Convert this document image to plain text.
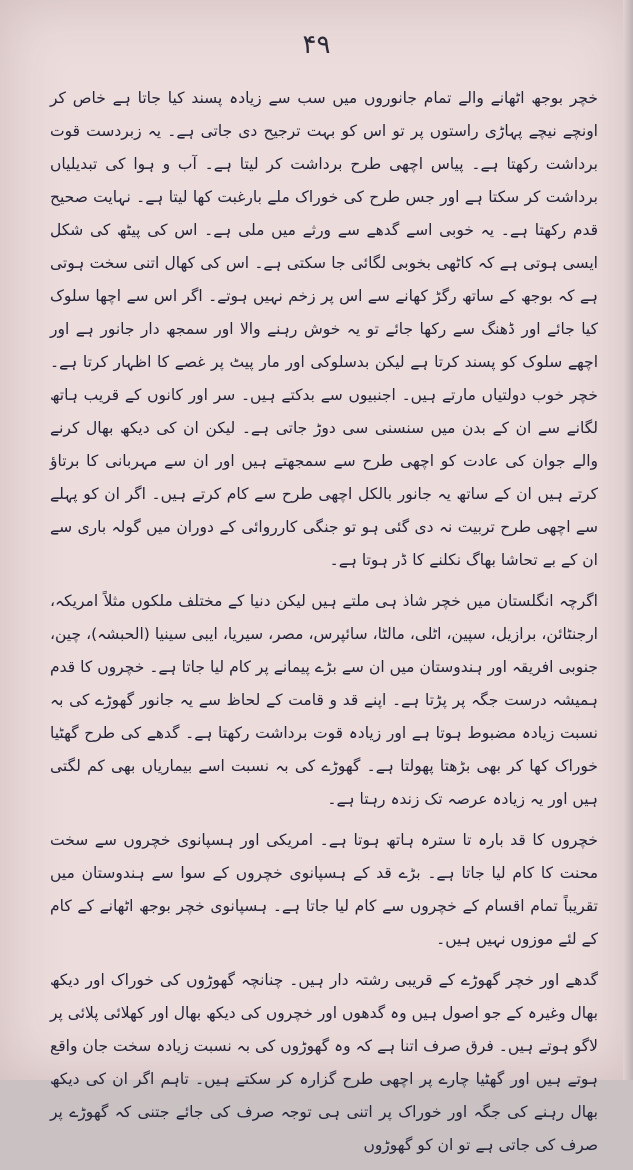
۴۹

خچر بوجھ اٹھانے والے تمام جانوروں میں سب سے زیادہ پسند کیا جاتا ہے خاص کر اونچے نیچے پہاڑی راستوں پر تو اس کو بہت ترجیح دی جاتی ہے۔ یہ زبردست قوت برداشت رکھتا ہے۔ پیاس اچھی طرح برداشت کر لیتا ہے۔ آب و ہوا کی تبدیلیاں برداشت کر سکتا ہے اور جس طرح کی خوراک ملے بارغبت کھا لیتا ہے۔ نہایت صحیح قدم رکھتا ہے۔ یہ خوبی اسے گدھے سے ورثے میں ملی ہے۔ اس کی پیٹھ کی شکل ایسی ہوتی ہے کہ کاٹھی بخوبی لگائی جا سکتی ہے۔ اس کی کھال اتنی سخت ہوتی ہے کہ بوجھ کے ساتھ رگڑ کھانے سے اس پر زخم نہیں ہوتے۔ اگر اس سے اچھا سلوک کیا جائے اور ڈھنگ سے رکھا جائے تو یہ خوش رہنے والا اور سمجھ دار جانور ہے اور اچھے سلوک کو پسند کرتا ہے لیکن بدسلوکی اور مار پیٹ پر غصے کا اظہار کرتا ہے۔ خچر خوب دولتیاں مارتے ہیں۔ اجنبیوں سے بدکتے ہیں۔ سر اور کانوں کے قریب ہاتھ لگانے سے ان کے بدن میں سنسنی سی دوڑ جاتی ہے۔ لیکن ان کی دیکھ بھال کرنے والے جوان کی عادت کو اچھی طرح سے سمجھتے ہیں اور ان سے مہربانی کا برتاؤ کرتے ہیں ان کے ساتھ یہ جانور بالکل اچھی طرح سے کام کرتے ہیں۔ اگر ان کو پہلے سے اچھی طرح تربیت نہ دی گئی ہو تو جنگی کارروائی کے دوران میں گولہ باری سے ان کے بے تحاشا بھاگ نکلنے کا ڈر ہوتا ہے۔

اگرچہ انگلستان میں خچر شاذ ہی ملتے ہیں لیکن دنیا کے مختلف ملکوں مثلاً امریکہ، ارجنٹائن، برازیل، سپین، اٹلی، مالٹا، سائپرس، مصر، سیریا، ایبی سینیا (الحبشہ)، چین، جنوبی افریقہ اور ہندوستان میں ان سے بڑے پیمانے پر کام لیا جاتا ہے۔ خچروں کا قدم ہمیشہ درست جگہ پر پڑتا ہے۔ اپنے قد و قامت کے لحاظ سے یہ جانور گھوڑے کی بہ نسبت زیادہ مضبوط ہوتا ہے اور زیادہ قوت برداشت رکھتا ہے۔ گدھے کی طرح گھٹیا خوراک کھا کر بھی بڑھتا پھولتا ہے۔ گھوڑے کی بہ نسبت اسے بیماریاں بھی کم لگتی ہیں اور یہ زیادہ عرصہ تک زندہ رہتا ہے۔

خچروں کا قد بارہ تا سترہ ہاتھ ہوتا ہے۔ امریکی اور ہسپانوی خچروں سے سخت محنت کا کام لیا جاتا ہے۔ بڑے قد کے ہسپانوی خچروں کے سوا سے ہندوستان میں تقریباً تمام اقسام کے خچروں سے کام لیا جاتا ہے۔ ہسپانوی خچر بوجھ اٹھانے کے کام کے لئے موزوں نہیں ہیں۔

گدھے اور خچر گھوڑے کے قریبی رشتہ دار ہیں۔ چنانچہ گھوڑوں کی خوراک اور دیکھ بھال وغیرہ کے جو اصول ہیں وہ گدھوں اور خچروں کی دیکھ بھال اور کھلائی پلائی پر لاگو ہوتے ہیں۔ فرق صرف اتنا ہے کہ وہ گھوڑوں کی بہ نسبت زیادہ سخت جان واقع ہوتے ہیں اور گھٹیا چارے پر اچھی طرح گزارہ کر سکتے ہیں۔ تاہم اگر ان کی دیکھ بھال رہنے کی جگہ اور خوراک پر اتنی ہی توجہ صرف کی جائے جتنی کہ گھوڑے پر صرف کی جاتی ہے تو ان کو گھوڑوں
